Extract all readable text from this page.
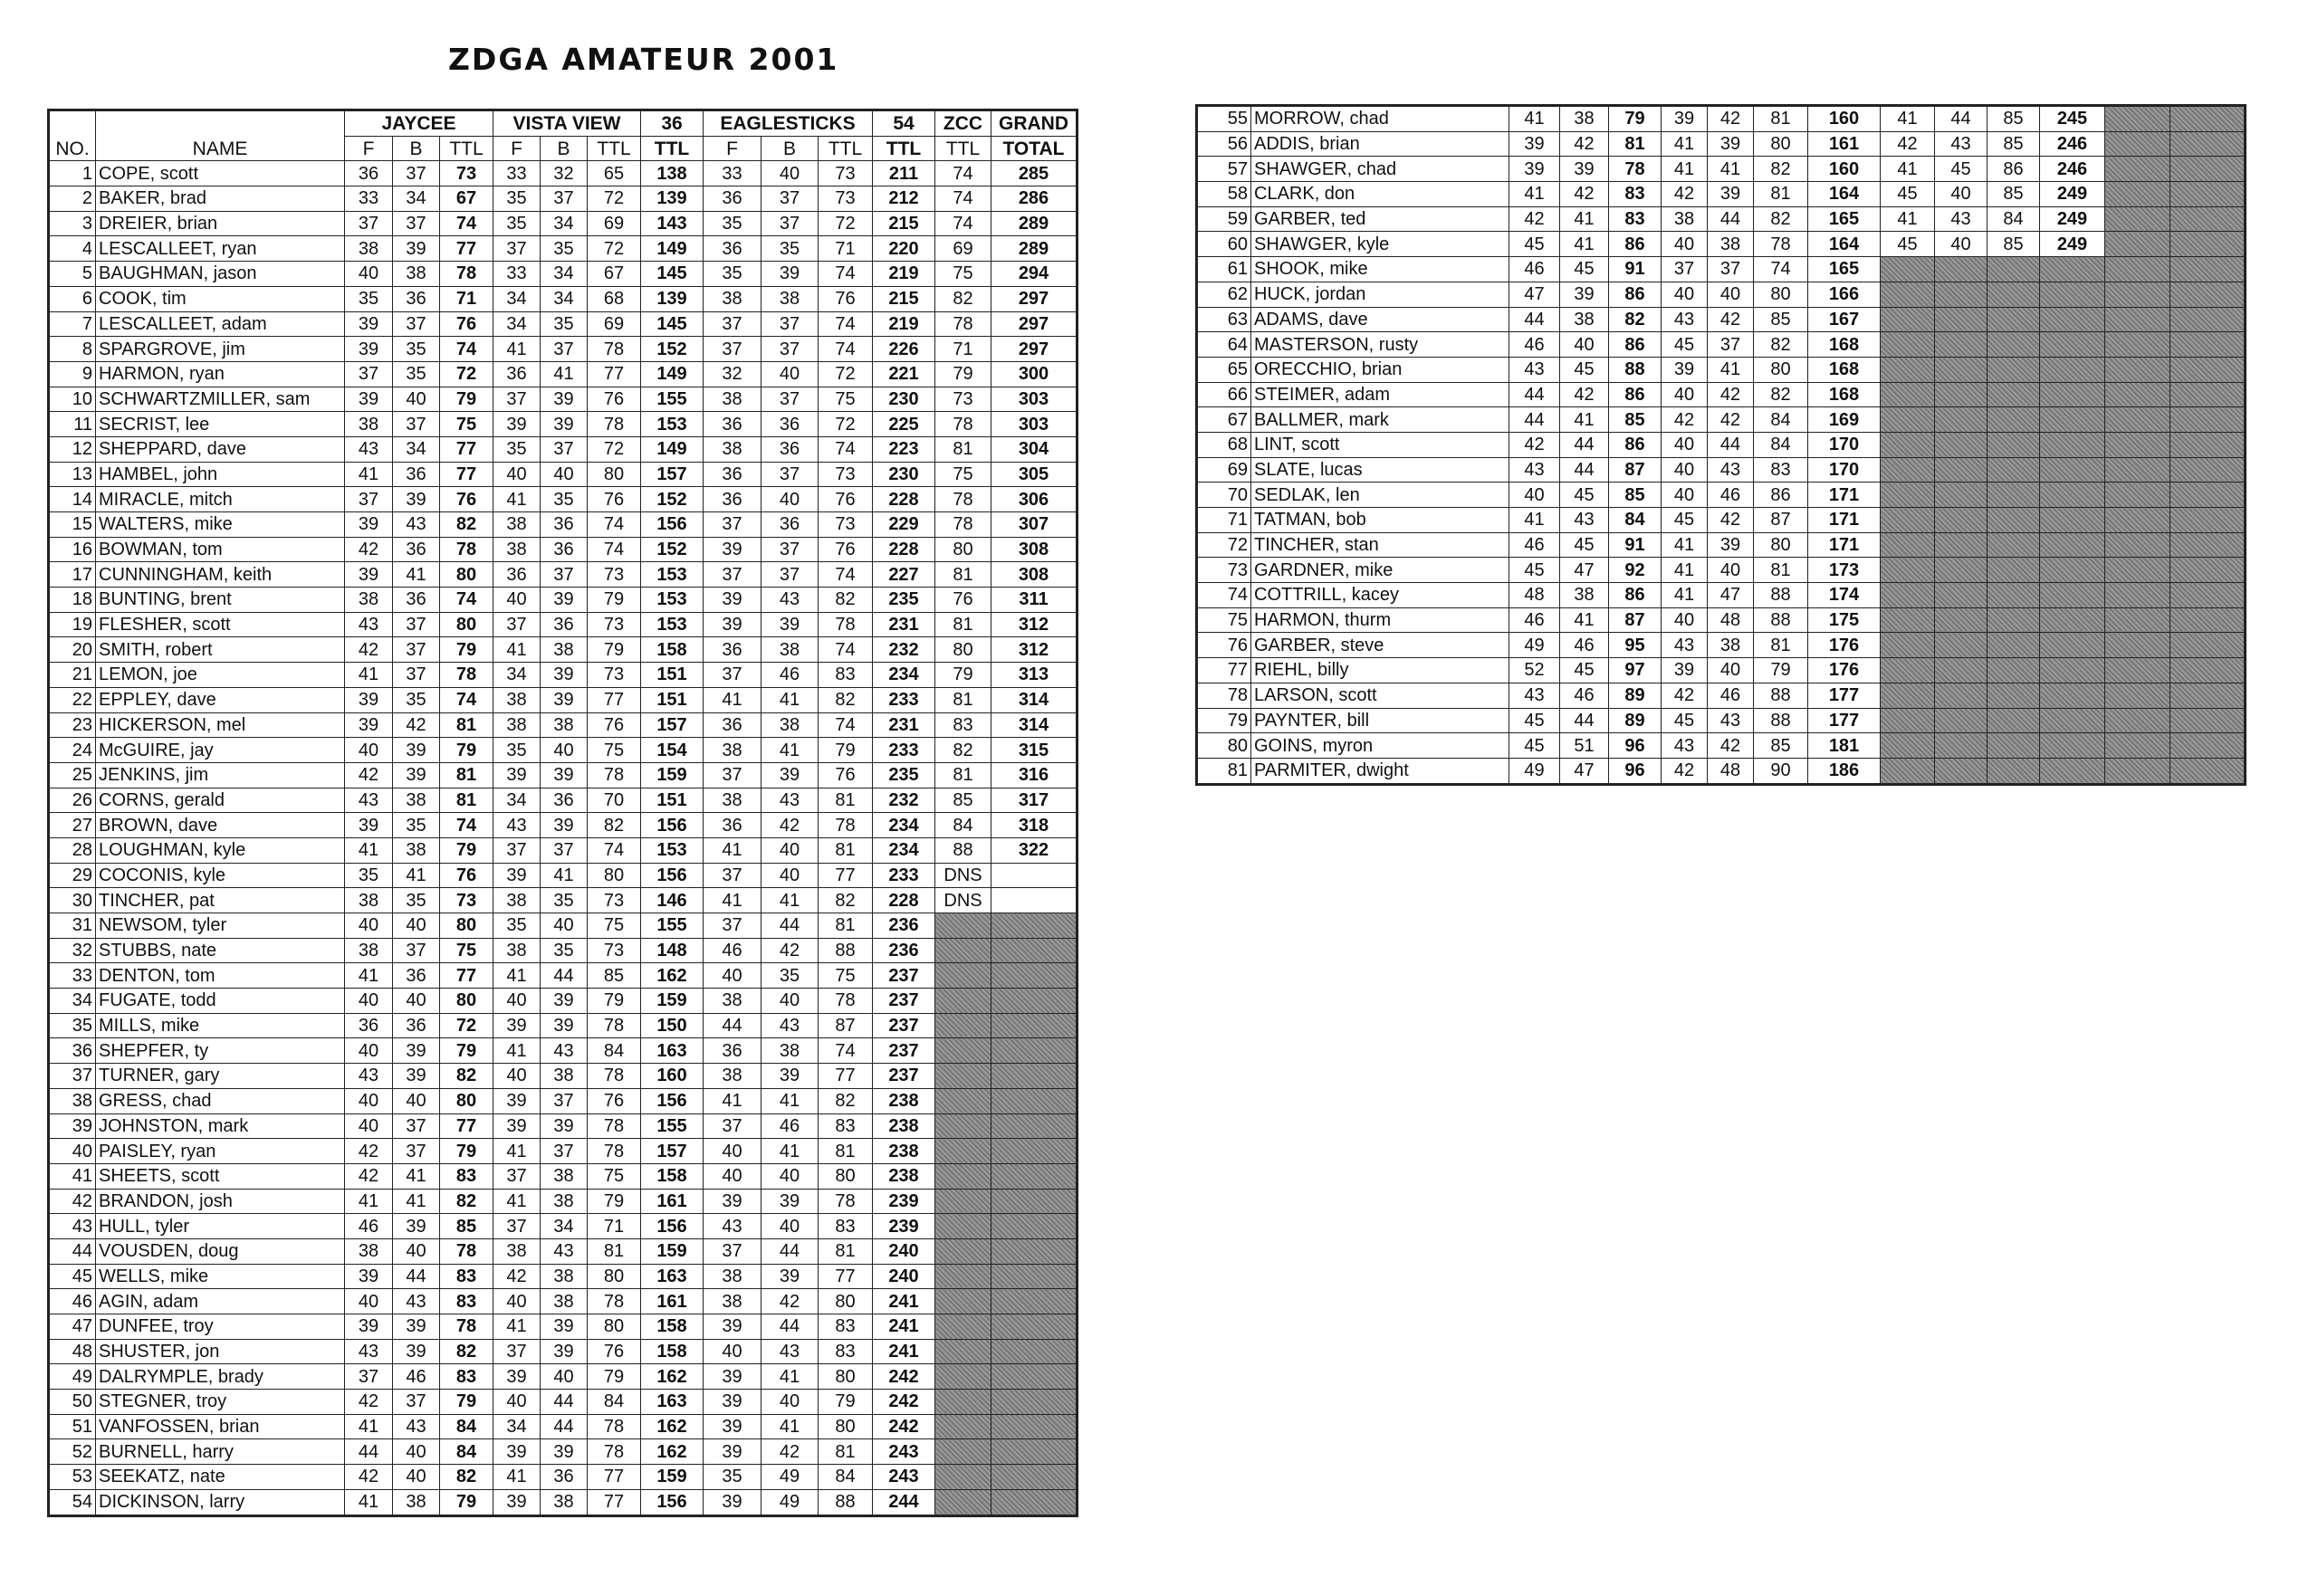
ZDGA AMATEUR 2001
NO.	NAME	JAYCEE			VISTA VIEW			36	EAGLESTICKS			54	ZCC	GRAND
		F	B	TTL	F	B	TTL	TTL	F	B	TTL	TTL	TTL	TOTAL
1	COPE, scott	36	37	73	33	32	65	138	33	40	73	211	74	285
2	BAKER, brad	33	34	67	35	37	72	139	36	37	73	212	74	286
3	DREIER, brian	37	37	74	35	34	69	143	35	37	72	215	74	289
4	LESCALLEET, ryan	38	39	77	37	35	72	149	36	35	71	220	69	289
5	BAUGHMAN, jason	40	38	78	33	34	67	145	35	39	74	219	75	294
6	COOK, tim	35	36	71	34	34	68	139	38	38	76	215	82	297
7	LESCALLEET, adam	39	37	76	34	35	69	145	37	37	74	219	78	297
8	SPARGROVE, jim	39	35	74	41	37	78	152	37	37	74	226	71	297
9	HARMON, ryan	37	35	72	36	41	77	149	32	40	72	221	79	300
10	SCHWARTZMILLER, sam	39	40	79	37	39	76	155	38	37	75	230	73	303
11	SECRIST, lee	38	37	75	39	39	78	153	36	36	72	225	78	303
12	SHEPPARD, dave	43	34	77	35	37	72	149	38	36	74	223	81	304
13	HAMBEL, john	41	36	77	40	40	80	157	36	37	73	230	75	305
14	MIRACLE, mitch	37	39	76	41	35	76	152	36	40	76	228	78	306
15	WALTERS, mike	39	43	82	38	36	74	156	37	36	73	229	78	307
16	BOWMAN, tom	42	36	78	38	36	74	152	39	37	76	228	80	308
17	CUNNINGHAM, keith	39	41	80	36	37	73	153	37	37	74	227	81	308
18	BUNTING, brent	38	36	74	40	39	79	153	39	43	82	235	76	311
19	FLESHER, scott	43	37	80	37	36	73	153	39	39	78	231	81	312
20	SMITH, robert	42	37	79	41	38	79	158	36	38	74	232	80	312
21	LEMON, joe	41	37	78	34	39	73	151	37	46	83	234	79	313
22	EPPLEY, dave	39	35	74	38	39	77	151	41	41	82	233	81	314
23	HICKERSON, mel	39	42	81	38	38	76	157	36	38	74	231	83	314
24	McGUIRE, jay	40	39	79	35	40	75	154	38	41	79	233	82	315
25	JENKINS, jim	42	39	81	39	39	78	159	37	39	76	235	81	316
26	CORNS, gerald	43	38	81	34	36	70	151	38	43	81	232	85	317
27	BROWN, dave	39	35	74	43	39	82	156	36	42	78	234	84	318
28	LOUGHMAN, kyle	41	38	79	37	37	74	153	41	40	81	234	88	322
29	COCONIS, kyle	35	41	76	39	41	80	156	37	40	77	233	DNS	
30	TINCHER, pat	38	35	73	38	35	73	146	41	41	82	228	DNS	
31	NEWSOM, tyler	40	40	80	35	40	75	155	37	44	81	236		
32	STUBBS, nate	38	37	75	38	35	73	148	46	42	88	236		
33	DENTON, tom	41	36	77	41	44	85	162	40	35	75	237		
34	FUGATE, todd	40	40	80	40	39	79	159	38	40	78	237		
35	MILLS, mike	36	36	72	39	39	78	150	44	43	87	237		
36	SHEPFER, ty	40	39	79	41	43	84	163	36	38	74	237		
37	TURNER, gary	43	39	82	40	38	78	160	38	39	77	237		
38	GRESS, chad	40	40	80	39	37	76	156	41	41	82	238		
39	JOHNSTON, mark	40	37	77	39	39	78	155	37	46	83	238		
40	PAISLEY, ryan	42	37	79	41	37	78	157	40	41	81	238		
41	SHEETS, scott	42	41	83	37	38	75	158	40	40	80	238		
42	BRANDON, josh	41	41	82	41	38	79	161	39	39	78	239		
43	HULL, tyler	46	39	85	37	34	71	156	43	40	83	239		
44	VOUSDEN, doug	38	40	78	38	43	81	159	37	44	81	240		
45	WELLS, mike	39	44	83	42	38	80	163	38	39	77	240		
46	AGIN, adam	40	43	83	40	38	78	161	38	42	80	241		
47	DUNFEE, troy	39	39	78	41	39	80	158	39	44	83	241		
48	SHUSTER, jon	43	39	82	37	39	76	158	40	43	83	241		
49	DALRYMPLE, brady	37	46	83	39	40	79	162	39	41	80	242		
50	STEGNER, troy	42	37	79	40	44	84	163	39	40	79	242		
51	VANFOSSEN, brian	41	43	84	34	44	78	162	39	41	80	242		
52	BURNELL, harry	44	40	84	39	39	78	162	39	42	81	243		
53	SEEKATZ, nate	42	40	82	41	36	77	159	35	49	84	243		
54	DICKINSON, larry	41	38	79	39	38	77	156	39	49	88	244		
55	MORROW, chad	41	38	79	39	42	81	160	41	44	85	245		
56	ADDIS, brian	39	42	81	41	39	80	161	42	43	85	246		
57	SHAWGER, chad	39	39	78	41	41	82	160	41	45	86	246		
58	CLARK, don	41	42	83	42	39	81	164	45	40	85	249		
59	GARBER, ted	42	41	83	38	44	82	165	41	43	84	249		
60	SHAWGER, kyle	45	41	86	40	38	78	164	45	40	85	249		
61	SHOOK, mike	46	45	91	37	37	74	165						
62	HUCK, jordan	47	39	86	40	40	80	166						
63	ADAMS, dave	44	38	82	43	42	85	167						
64	MASTERSON, rusty	46	40	86	45	37	82	168						
65	ORECCHIO, brian	43	45	88	39	41	80	168						
66	STEIMER, adam	44	42	86	40	42	82	168						
67	BALLMER, mark	44	41	85	42	42	84	169						
68	LINT, scott	42	44	86	40	44	84	170						
69	SLATE, lucas	43	44	87	40	43	83	170						
70	SEDLAK, len	40	45	85	40	46	86	171						
71	TATMAN, bob	41	43	84	45	42	87	171						
72	TINCHER, stan	46	45	91	41	39	80	171						
73	GARDNER, mike	45	47	92	41	40	81	173						
74	COTTRILL, kacey	48	38	86	41	47	88	174						
75	HARMON, thurm	46	41	87	40	48	88	175						
76	GARBER, steve	49	46	95	43	38	81	176						
77	RIEHL, billy	52	45	97	39	40	79	176						
78	LARSON, scott	43	46	89	42	46	88	177						
79	PAYNTER, bill	45	44	89	45	43	88	177						
80	GOINS, myron	45	51	96	43	42	85	181						
81	PARMITER, dwight	49	47	96	42	48	90	186						
